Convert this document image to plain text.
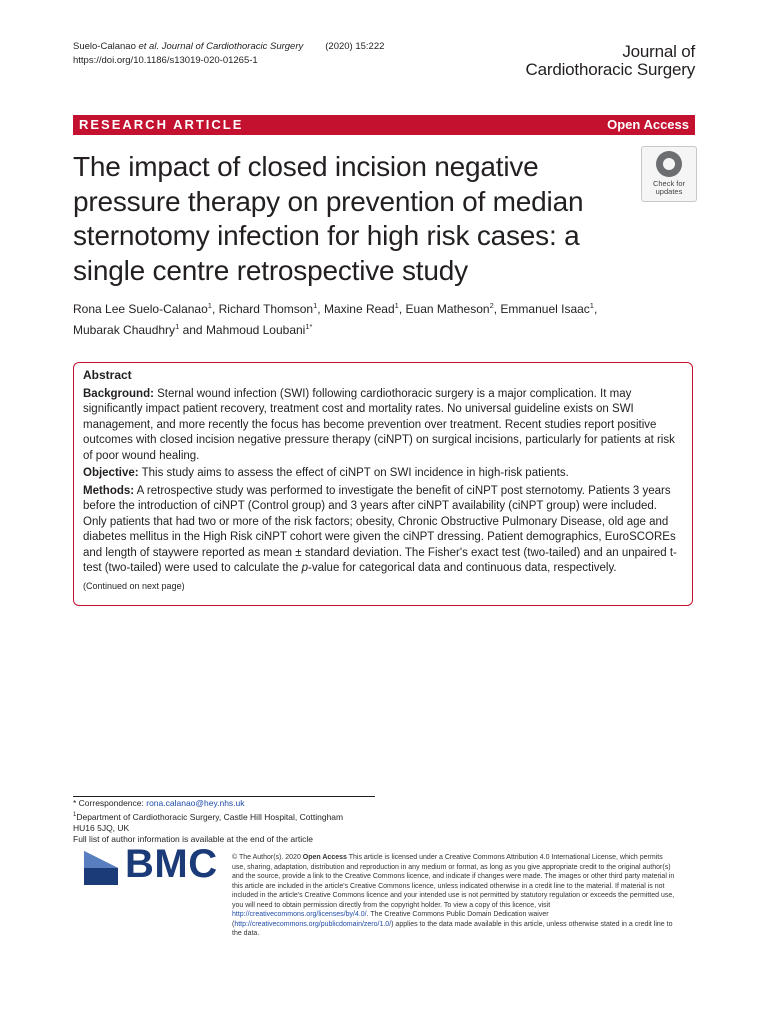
Suelo-Calanao et al. Journal of Cardiothoracic Surgery (2020) 15:222
https://doi.org/10.1186/s13019-020-01265-1	Journal of
Cardiothoracic Surgery
RESEARCH ARTICLE	Open Access
The impact of closed incision negative pressure therapy on prevention of median sternotomy infection for high risk cases: a single centre retrospective study
Check for
updates
Rona Lee Suelo-Calanao$^1$, Richard Thomson$^1$, Maxine Read$^1$, Euan Matheson$^2$, Emmanuel Isaac$^1$,
Mubarak Chaudhry$^1$ and Mahmoud Loubani$^{1*}$
Abstract

Background: Sternal wound infection (SWI) following cardiothoracic surgery is a major complication. It may significantly impact patient recovery, treatment cost and mortality rates. No universal guideline exists on SWI management, and more recently the focus has become prevention over treatment. Recent studies report positive outcomes with closed incision negative pressure therapy (ciNPT) on surgical incisions, particularly for patients at risk of poor wound healing.

Objective: This study aims to assess the effect of ciNPT on SWI incidence in high-risk patients.

Methods: A retrospective study was performed to investigate the benefit of ciNPT post sternotomy. Patients 3 years before the introduction of ciNPT (Control group) and 3 years after ciNPT availability (ciNPT group) were included. Only patients that had two or more of the risk factors; obesity, Chronic Obstructive Pulmonary Disease, old age and diabetes mellitus in the High Risk ciNPT cohort were given the ciNPT dressing. Patient demographics, EuroSCOREs and length of staywere reported as mean ± standard deviation. The Fisher's exact test (two-tailed) and an unpaired t-test (two-tailed) were used to calculate the p-value for categorical data and continuous data, respectively.

(Continued on next page)
* Correspondence: rona.calanao@hey.nhs.uk
$^1$Department of Cardiothoracic Surgery, Castle Hill Hospital, Cottingham
HU16 5JQ, UK
Full list of author information is available at the end of the article
BMC © The Author(s). 2020 Open Access This article is licensed under a Creative Commons Attribution 4.0 International License, which permits use, sharing, adaptation, distribution and reproduction in any medium or format, as long as you give appropriate credit to the original author(s) and the source, provide a link to the Creative Commons licence, and indicate if changes were made. The images or other third party material in this article are included in the article's Creative Commons licence, unless indicated otherwise in a credit line to the material. If material is not included in the article's Creative Commons licence and your intended use is not permitted by statutory regulation or exceeds the permitted use, you will need to obtain permission directly from the copyright holder. To view a copy of this licence, visit http://creativecommons.org/licenses/by/4.0/. The Creative Commons Public Domain Dedication waiver (http://creativecommons.org/publicdomain/zero/1.0/) applies to the data made available in this article, unless otherwise stated in a credit line to the data.
